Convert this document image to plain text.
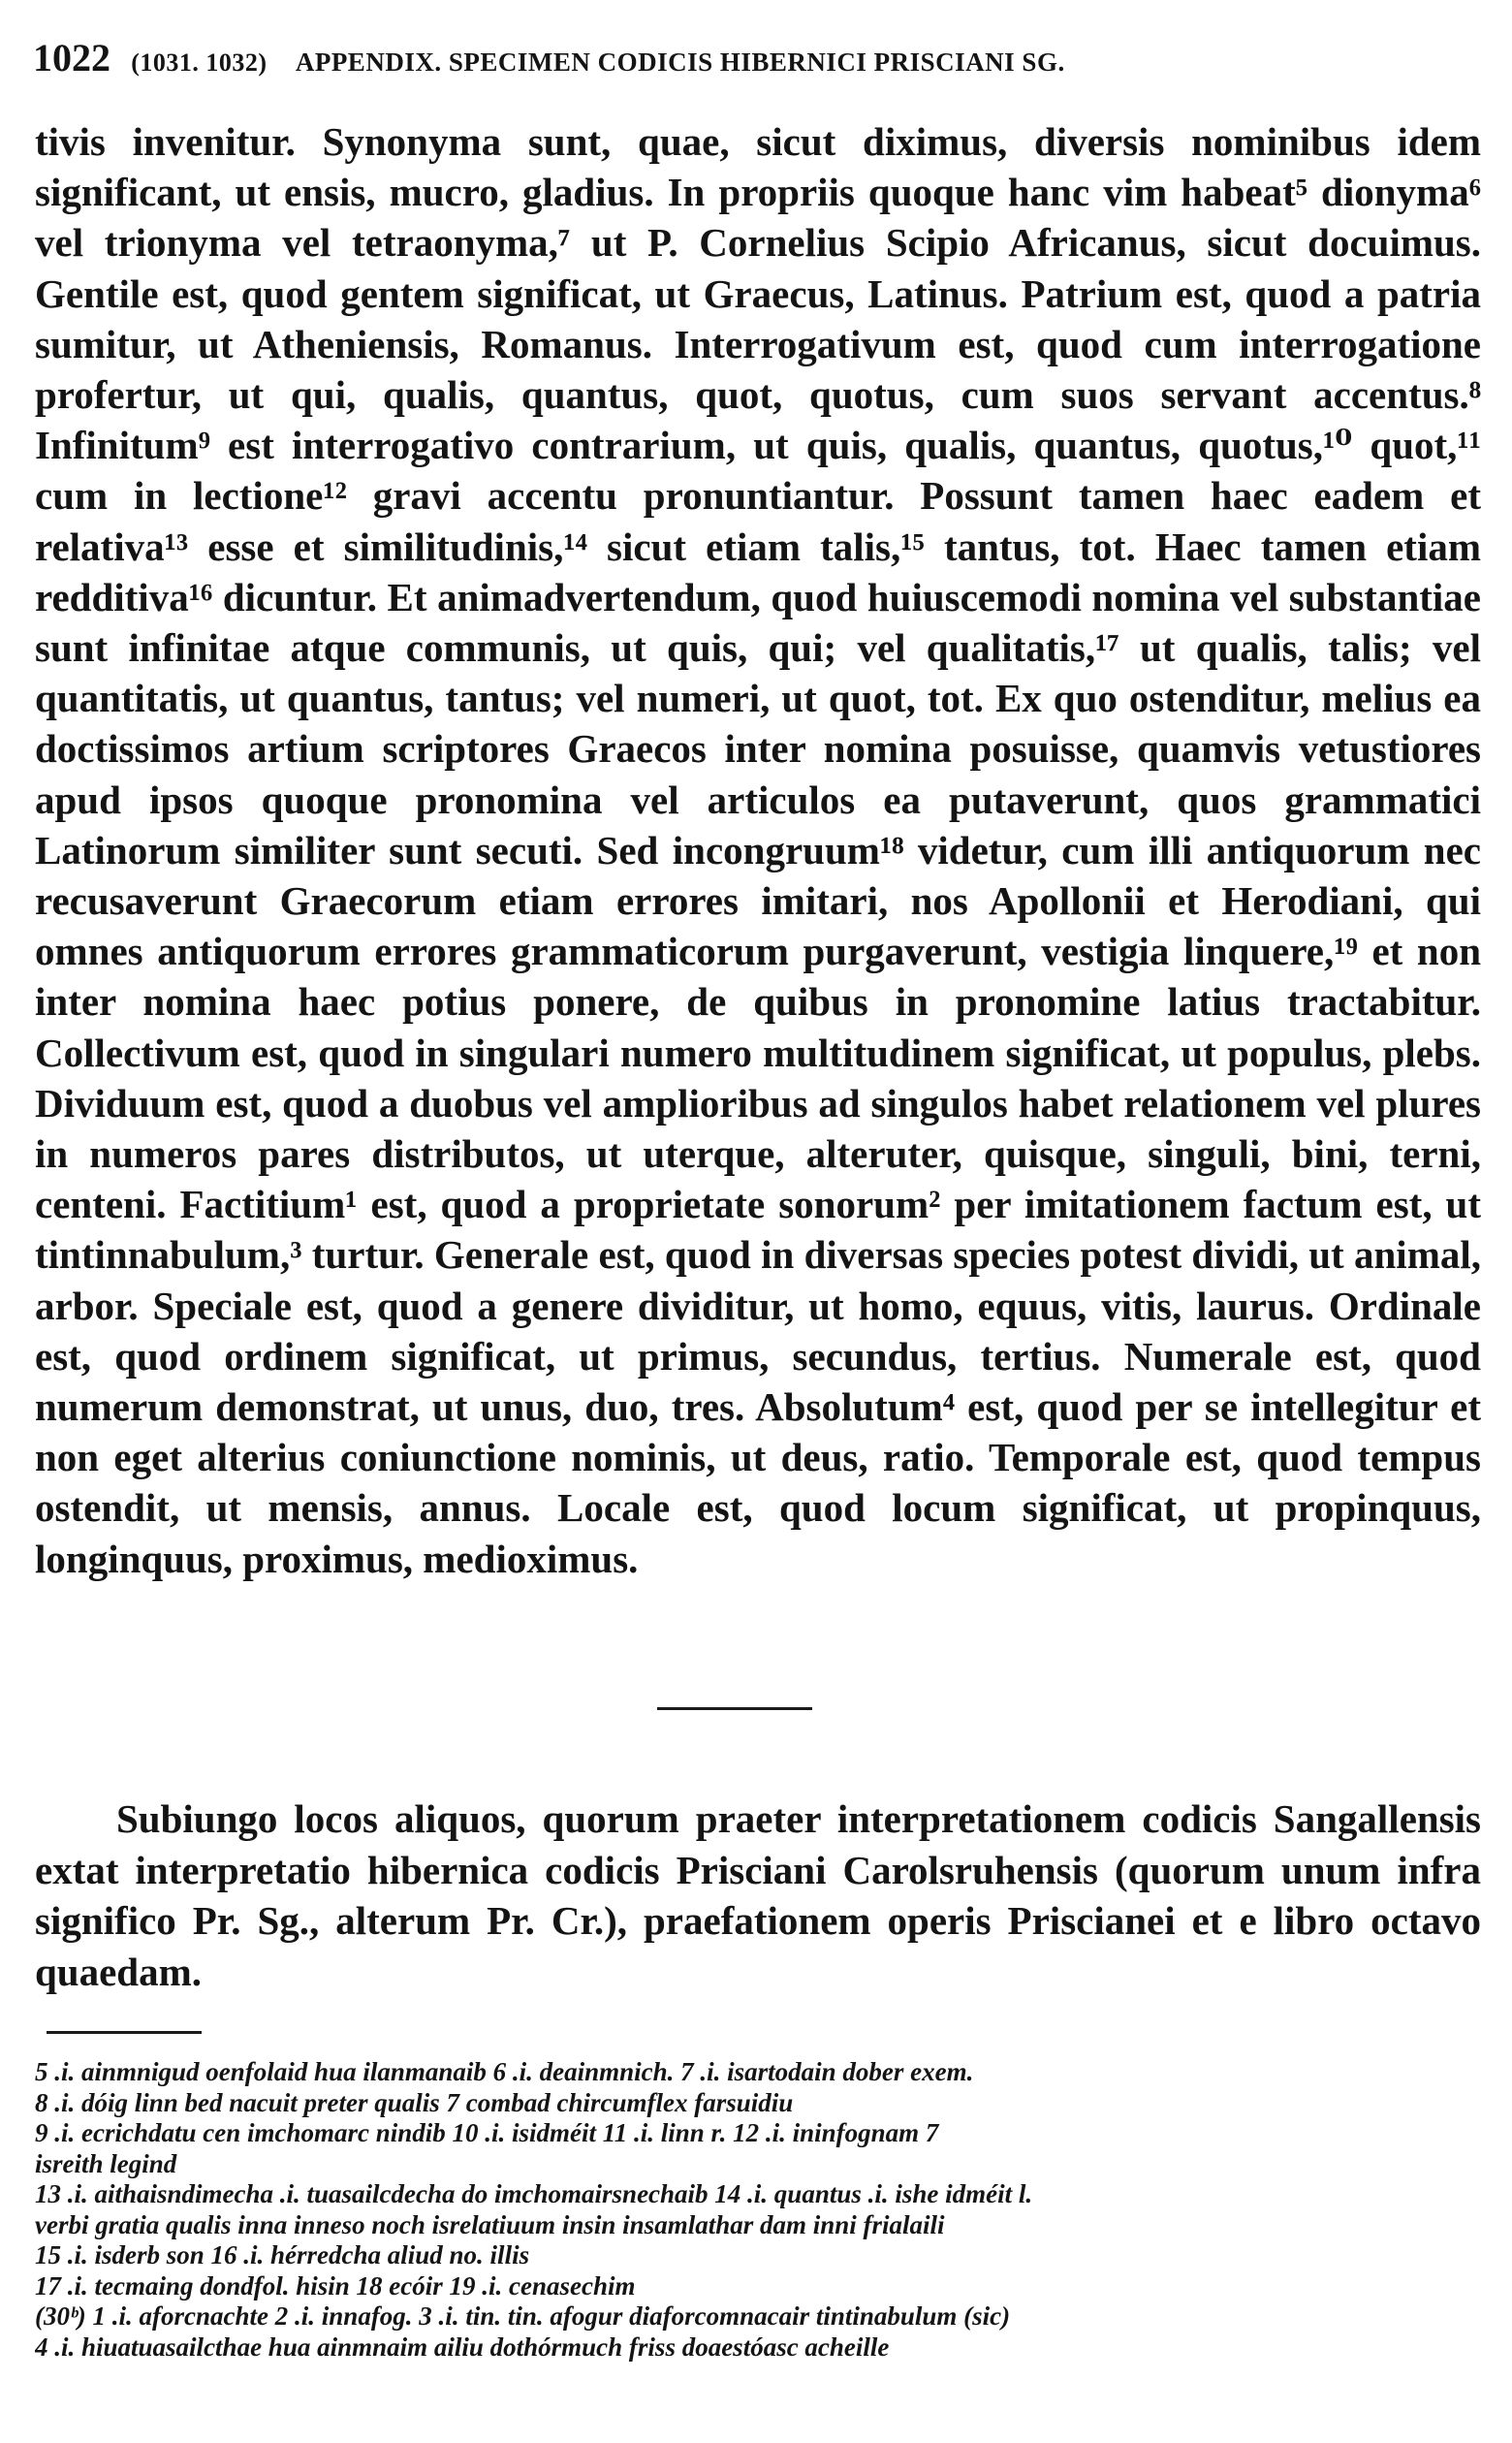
1022 (1031. 1032) APPENDIX. SPECIMEN CODICIS HIBERNICI PRISCIANI SG.

tivis invenitur. Synonyma sunt, quae, sicut diximus, diversis nominibus idem significant, ut ensis, mucro, gladius. In propriis quoque hanc vim habeat⁵ dionyma⁶ vel trionyma vel tetraonyma,⁷ ut P. Cornelius Scipio Africanus, sicut docuimus. Gentile est, quod gentem significat, ut Graecus, Latinus. Patrium est, quod a patria sumitur, ut Atheniensis, Romanus. Interrogativum est, quod cum interrogatione profertur, ut qui, qualis, quantus, quot, quotus, cum suos servant accentus.⁸ Infinitum⁹ est interrogativo contrarium, ut quis, qualis, quantus, quotus,¹⁰ quot,¹¹ cum in lectione¹² gravi accentu pronuntiantur. Possunt tamen haec eadem et relativa¹³ esse et similitudinis,¹⁴ sicut etiam talis,¹⁵ tantus, tot. Haec tamen etiam redditiva¹⁶ dicuntur. Et animadvertendum, quod huiuscemodi nomina vel substantiae sunt infinitae atque communis, ut quis, qui; vel qualitatis,¹⁷ ut qualis, talis; vel quantitatis, ut quantus, tantus; vel numeri, ut quot, tot. Ex quo ostenditur, melius ea doctissimos artium scriptores Graecos inter nomina posuisse, quamvis vetustiores apud ipsos quoque pronomina vel articulos ea putaverunt, quos grammatici Latinorum similiter sunt secuti. Sed incongruum¹⁸ videtur, cum illi antiquorum nec recusaverunt Graecorum etiam errores imitari, nos Apollonii et Herodiani, qui omnes antiquorum errores grammaticorum purgaverunt, vestigia linquere,¹⁹ et non inter nomina haec potius ponere, de quibus in pronomine latius tractabitur. Collectivum est, quod in singulari numero multitudinem significat, ut populus, plebs. Dividuum est, quod a duobus vel amplioribus ad singulos habet relationem vel plures in numeros pares distributos, ut uterque, alteruter, quisque, singuli, bini, terni, centeni. Factitium¹ est, quod a proprietate sonorum² per imitationem factum est, ut tintinnabulum,³ turtur. Generale est, quod in diversas species potest dividi, ut animal, arbor. Speciale est, quod a genere dividitur, ut homo, equus, vitis, laurus. Ordinale est, quod ordinem significat, ut primus, secundus, tertius. Numerale est, quod numerum demonstrat, ut unus, duo, tres. Absolutum⁴ est, quod per se intellegitur et non eget alterius coniunctione nominis, ut deus, ratio. Temporale est, quod tempus ostendit, ut mensis, annus. Locale est, quod locum significat, ut propinquus, longinquus, proximus, medioximus.

Subiungo locos aliquos, quorum praeter interpretationem codicis Sangallensis extat interpretatio hibernica codicis Prisciani Carolsruhensis (quorum unum infra significo Pr. Sg., alterum Pr. Cr.), praefationem operis Priscianei et e libro octavo quaedam.

5 .i. ainmnigud oenfolaid hua ilanmanaib 6 .i. deainmnich. 7 .i. isartodain dober exem.
8 .i. dóig linn bed nacuit preter qualis 7 combad chircumflex farsuidiu
9 .i. ecrichdatu cen imchomarc nindib 10 .i. isidméit 11 .i. linn r. 12 .i. ininfognam 7
isreith legind
13 .i. aithaisndimecha .i. tuasailcdecha do imchomairsnechaib 14 .i. quantus .i. ishe idméit l.
verbi gratia qualis inna inneso noch isrelatiuum insin insamlathar dam inni frialaili
15 .i. isderb son 16 .i. hérredcha aliud no. illis
17 .i. tecmaing dondfol. hisin 18 ecóir 19 .i. cenasechim
(30ᵇ) 1 .i. aforcnachte 2 .i. innafog. 3 .i. tin. tin. afogur diaforcomnacair tintinabulum (sic)
4 .i. hiuatuasailcthae hua ainmnaim ailiu dothórmuch friss doaestóasc acheille
